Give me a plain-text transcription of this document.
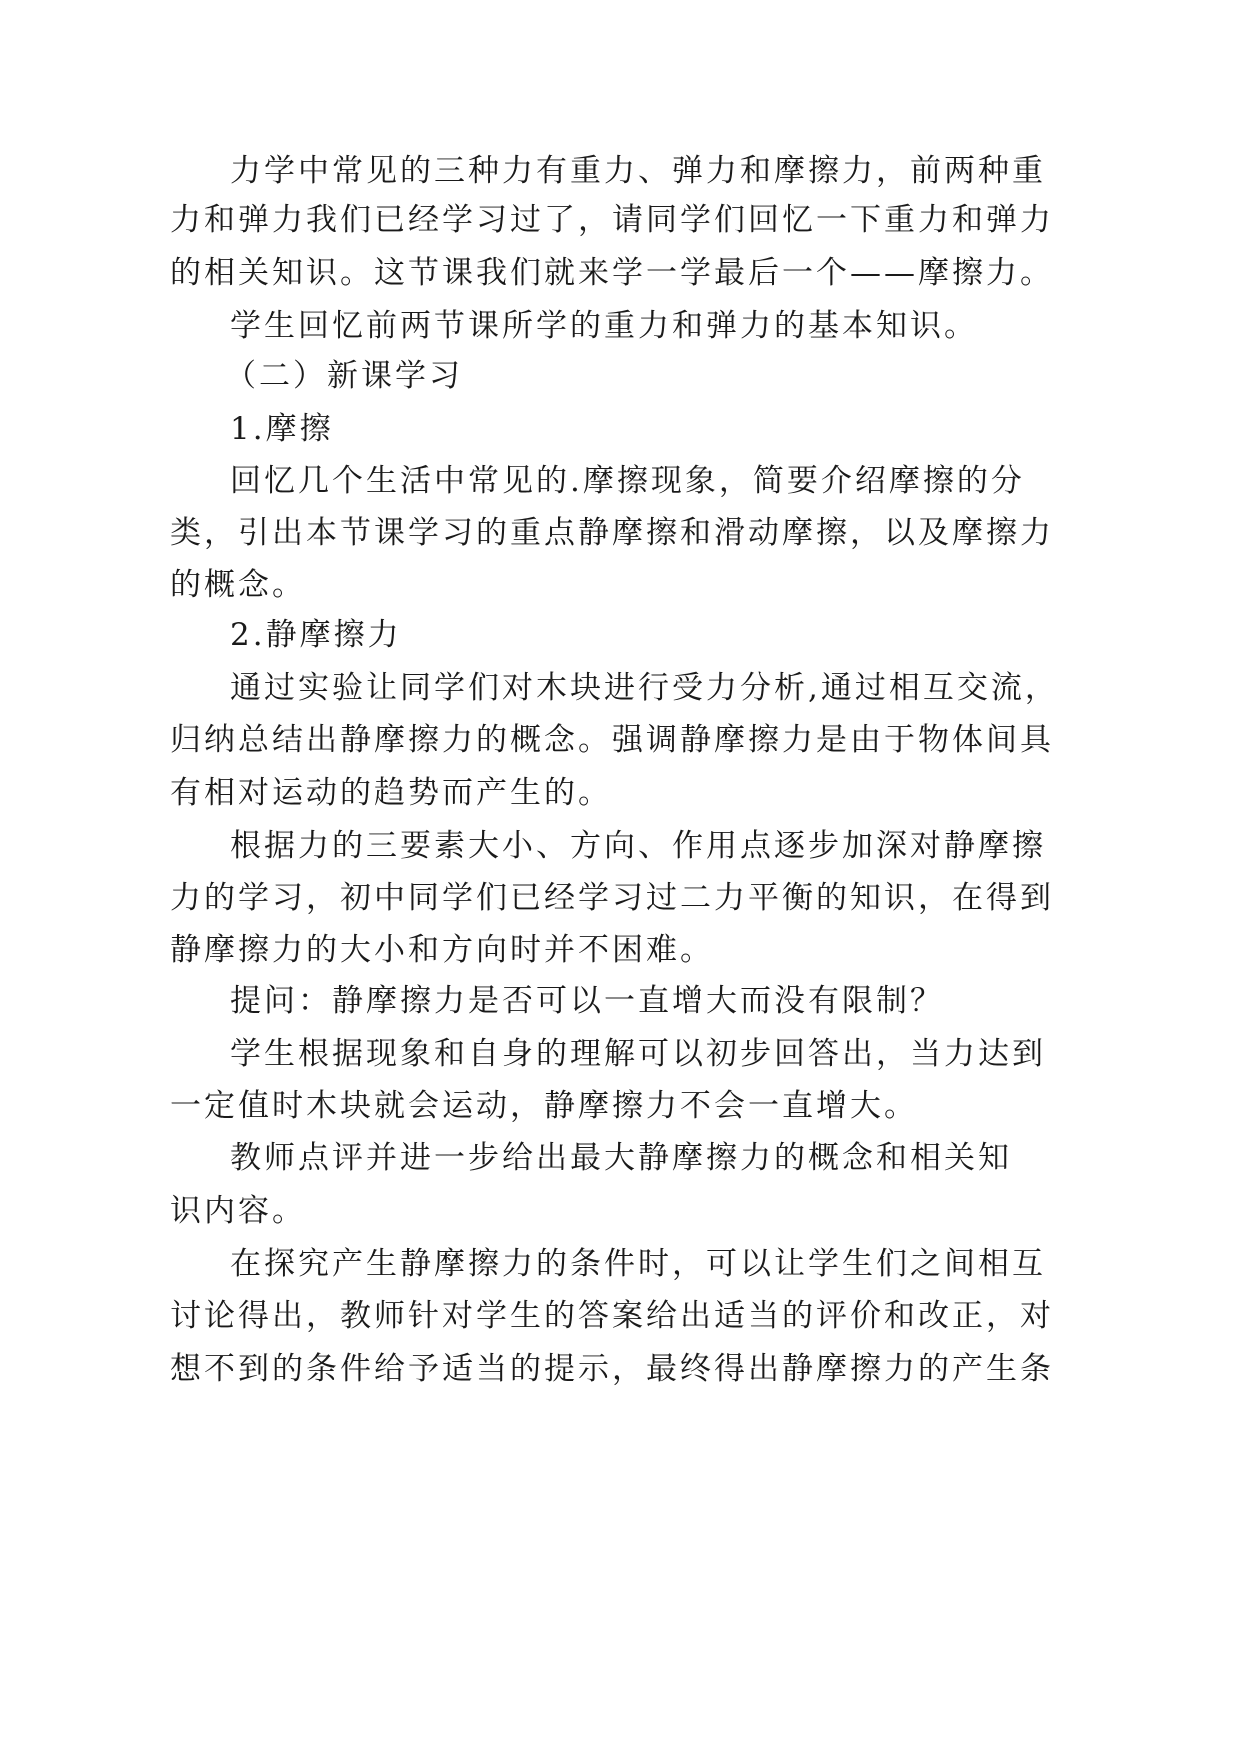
力学中常见的三种力有重力、弹力和摩擦力，前两种重
力和弹力我们已经学习过了，请同学们回忆一下重力和弹力
的相关知识。这节课我们就来学一学最后一个——摩擦力。
学生回忆前两节课所学的重力和弹力的基本知识。
（二）新课学习
1.摩擦
回忆几个生活中常见的.摩擦现象，简要介绍摩擦的分
类，引出本节课学习的重点静摩擦和滑动摩擦，以及摩擦力
的概念。
2.静摩擦力
通过实验让同学们对木块进行受力分析,通过相互交流，
归纳总结出静摩擦力的概念。强调静摩擦力是由于物体间具
有相对运动的趋势而产生的。
根据力的三要素大小、方向、作用点逐步加深对静摩擦
力的学习，初中同学们已经学习过二力平衡的知识，在得到
静摩擦力的大小和方向时并不困难。
提问：静摩擦力是否可以一直增大而没有限制？
学生根据现象和自身的理解可以初步回答出，当力达到
一定值时木块就会运动，静摩擦力不会一直增大。
教师点评并进一步给出最大静摩擦力的概念和相关知
识内容。
在探究产生静摩擦力的条件时，可以让学生们之间相互
讨论得出，教师针对学生的答案给出适当的评价和改正，对
想不到的条件给予适当的提示，最终得出静摩擦力的产生条
